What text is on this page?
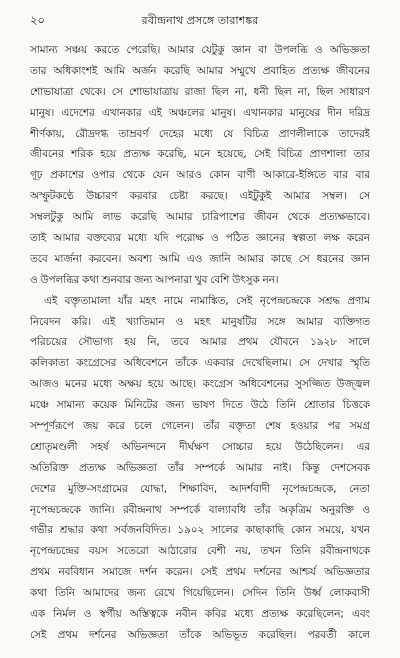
২০	রবীন্দ্রনাথ প্রসঙ্গে তারাশঙ্কর
সামান্য সঞ্চয় করতে পেরেছি। আমার যেটুকু জ্ঞান বা উপলব্ধি ও অভিজ্ঞতা
তার অধিকাংশই আমি অর্জন করেছি আমার সম্মুখে প্রবাহিত প্রত্যক্ষ জীবনের
শোভাযাত্রা থেকে। সে শোভাযাত্রায় রাজা ছিল না, ধনী ছিল না, ছিল সাধারণ
মানুষ। এদেশের এখানকার এই অঞ্চলের মানুষ। এখানকার মানুষের দীন দরিদ্র
শীর্ণকায়, রৌদ্রদগ্ধ তাম্রবর্ণ দেহের মধ্যে যে বিচিত্র প্রাণলীলাকে তাদেরই
জীবনের শরিক হয়ে প্রত্যক্ষ করেছি, মনে হয়েছে, সেই বিচিত্র প্রাণশালা তার
গূঢ় প্রকাশের ওপার থেকে যেন আরও কোন বাণী আকারে-ইঙ্গিতে বার বার
অস্ফুটকণ্ঠে উচ্চারণ করবার চেষ্টা করছে। এইটুকুই আমার সম্বল। সে
সম্বলটুকু আমি লাভ করেছি আমার চারিপাশের জীবন থেকে প্রত্যক্ষভাবে।
তাই আমার বক্তব্যের মধ্যে যদি পরোক্ষ ও পঠিত জ্ঞানের স্বল্পতা লক্ষ করেন
তবে মার্জনা করবেন। অবশ্য আমি এও জানি আমার কাছে সে ধরনের জ্ঞান
ও উপলব্ধির কথা শুনবার জন্য আপনারা খুব বেশি উৎসুক নন।
এই বক্তৃতামালা যাঁর মহৎ নামে নামাঙ্কিত, সেই নৃপেন্দ্রচন্দ্রকে সশ্রদ্ধ প্রণাম
নিবেদন করি। এই খ্যাতিমান ও মহৎ মানুষটির সঙ্গে আমার ব্যক্তিগত
পরিচয়ের সৌভাগ্য হয় নি, তবে আমার প্রথম যৌবনে ১৯২৮ সালে
কলিকাতা কংগ্রেসের অধিবেশনে তাঁকে একবার দেখেছিলাম। সে দেখার স্মৃতি
আজও মনের মধ্যে অক্ষয় হয়ে আছে। কংগ্রেস অধিবেশনের সুসজ্জিত উজ্জ্বল
মঞ্চে সামান্য কয়েক মিনিটের জন্য ভাষণ দিতে উঠে তিনি শ্রোতার চিত্তকে
সম্পূর্ণরূপে জয় করে চলে গেলেন। তাঁর বক্তৃতা শেষ হওয়ার পর সমগ্র
শ্রোতৃমণ্ডলী সহর্ষ অভিনন্দনে দীর্ঘক্ষণ সোচ্চার হয়ে উঠেছিলেন। এর
অতিরিক্ত প্রত্যক্ষ অভিজ্ঞতা তাঁর সম্পর্কে আমার নাই। কিন্তু দেশসেবক
দেশের মুক্তি-সংগ্রামের যোদ্ধা, শিক্ষাবিদ, আদর্শবাদী নৃপেন্দ্রচন্দ্রকে, নেতা
নৃপেন্দ্রচন্দ্রকে জানি। রবীন্দ্রনাথ সম্পর্কে বাল্যাবধি তাঁর অকৃত্রিম অনুরক্তি ও
গভীর শ্রদ্ধার কথা সর্বজনবিদিত। ১৯০২ সালের কাছাকাছি কোন সময়ে, যখন
নৃপেন্দ্রচন্দ্রের বয়স সতেরো আঠারোর বেশী নয়, তখন তিনি রবীন্দ্রনাথকে
প্রথম নববিধান সমাজে দর্শন করেন। সেই প্রথম দর্শনের আশ্চর্য অভিজ্ঞতার
কথা তিনি আমাদের জন্য রেখে গিয়েছিলেন। সেদিন তিনি উর্ধ্ব লোকবাসী
এক নির্মল ও স্বর্গীয় অস্তিত্বকে নবীন কবির মধ্যে প্রত্যক্ষ করেছিলেন; এবং
সেই প্রথম দর্শনের অভিজ্ঞতা তাঁকে অভিভূত করেছিল। পরবর্তী কালে
